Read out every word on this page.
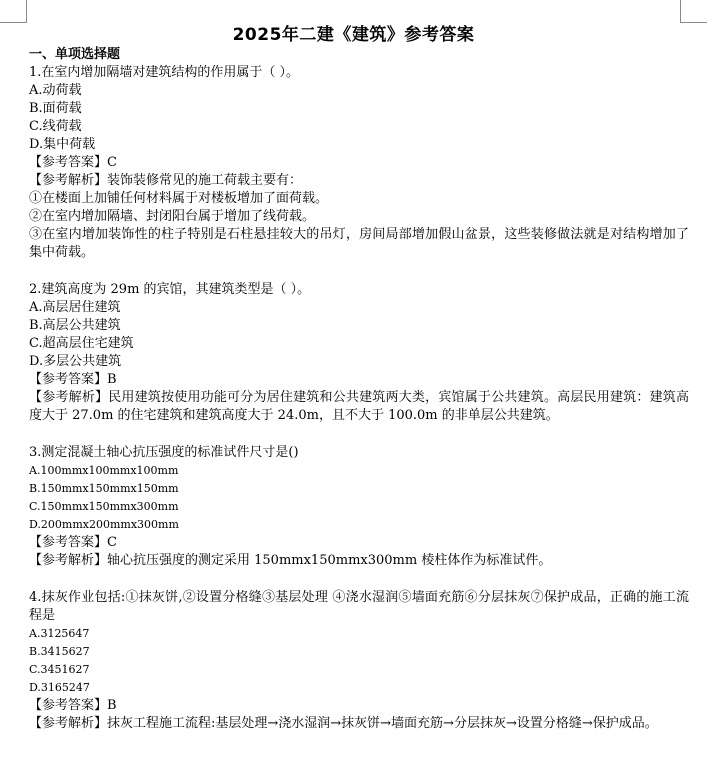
2025年二建《建筑》参考答案
一、单项选择题
1.在室内增加隔墙对建筑结构的作用属于（ ）。
A.动荷载
B.面荷载
C.线荷载
D.集中荷载
【参考答案】C
【参考解析】装饰装修常见的施工荷载主要有：
①在楼面上加铺任何材料属于对楼板增加了面荷载。
②在室内增加隔墙、封闭阳台属于增加了线荷载。
③在室内增加装饰性的柱子特别是石柱悬挂较大的吊灯，房间局部增加假山盆景，这些装修做法就是对结构增加了集中荷载。
2.建筑高度为 29m 的宾馆，其建筑类型是（ ）。
A.高层居住建筑
B.高层公共建筑
C.超高层住宅建筑
D.多层公共建筑
【参考答案】B
【参考解析】民用建筑按使用功能可分为居住建筑和公共建筑两大类，宾馆属于公共建筑。高层民用建筑：建筑高度大于 27.0m 的住宅建筑和建筑高度大于 24.0m，且不大于 100.0m 的非单层公共建筑。
3.测定混凝土轴心抗压强度的标准试件尺寸是()
A.100mmx100mmx100mm
B.150mmx150mmx150mm
C.150mmx150mmx300mm
D.200mmx200mmx300mm
【参考答案】C
【参考解析】轴心抗压强度的测定采用 150mmx150mmx300mm 棱柱体作为标准试件。
4.抹灰作业包括:①抹灰饼,②设置分格缝③基层处理 ④浇水湿润⑤墙面充筋⑥分层抹灰⑦保护成品，正确的施工流程是
A.3125647
B.3415627
C.3451627
D.3165247
【参考答案】B
【参考解析】抹灰工程施工流程:基层处理→浇水湿润→抹灰饼→墙面充筋→分层抹灰→设置分格缝→保护成品。
